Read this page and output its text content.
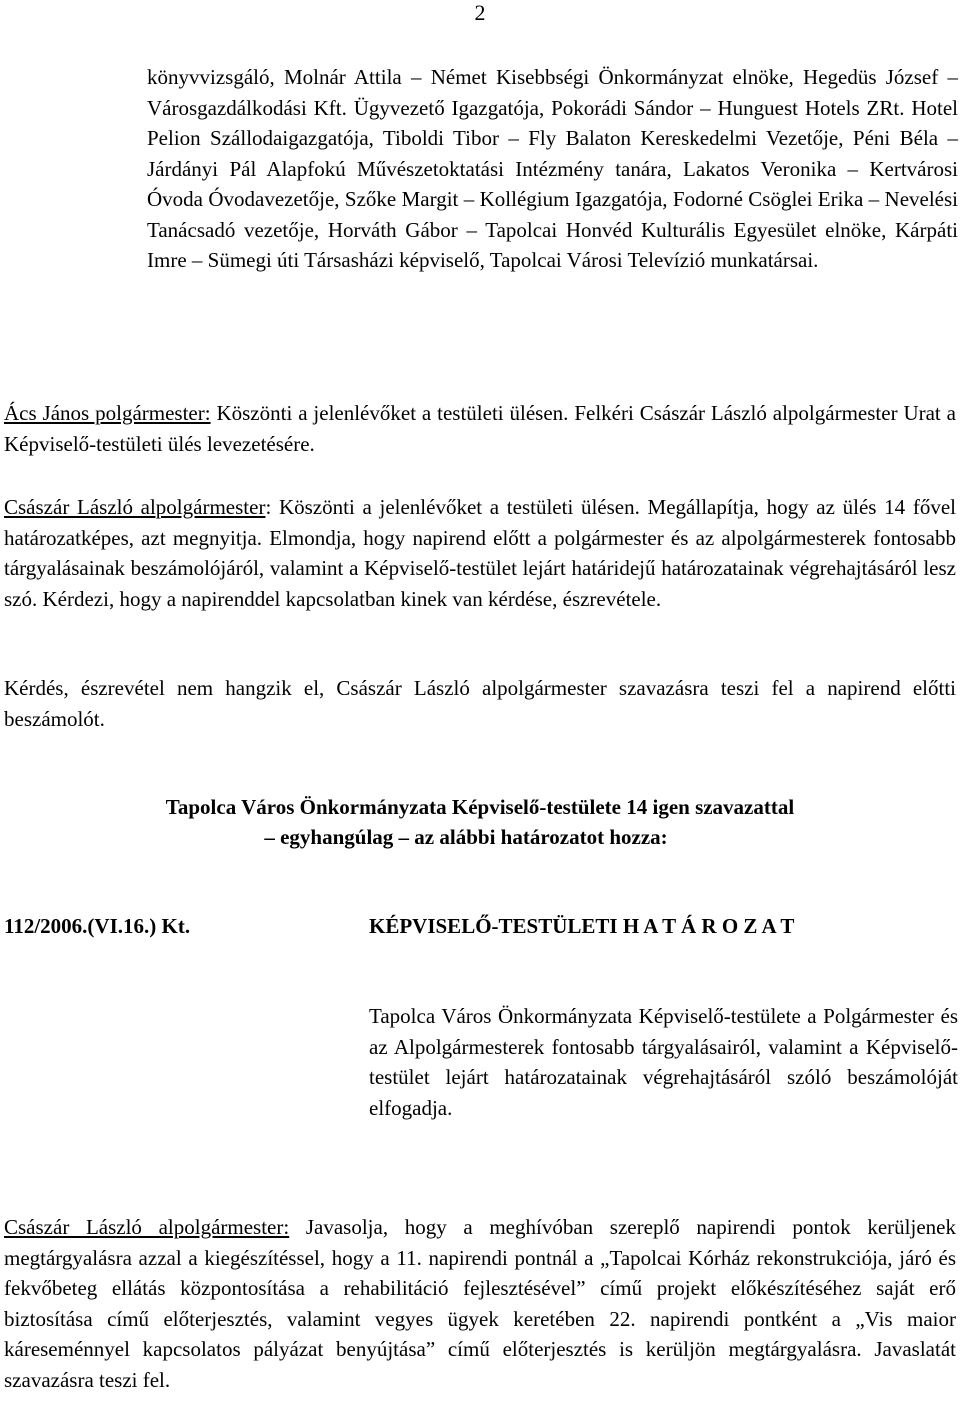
2

könyvvizsgáló, Molnár Attila – Német Kisebbségi Önkormányzat elnöke, Hegedüs József – Városgazdálkodási Kft. Ügyvezető Igazgatója, Pokorádi Sándor – Hunguest Hotels ZRt. Hotel Pelion Szállodaigazgatója, Tiboldi Tibor – Fly Balaton Kereskedelmi Vezetője, Péni Béla – Járdányi Pál Alapfokú Művészetoktatási Intézmény tanára, Lakatos Veronika – Kertvárosi Óvoda Óvodavezetője, Szőke Margit – Kollégium Igazgatója, Fodorné Csöglei Erika – Nevelési Tanácsadó vezetője, Horváth Gábor – Tapolcai Honvéd Kulturális Egyesület elnöke, Kárpáti Imre – Sümegi úti Társasházi képviselő, Tapolcai Városi Televízió munkatársai.

Ács János polgármester: Köszönti a jelenlévőket a testületi ülésen. Felkéri Császár László alpolgármester Urat a Képviselő-testületi ülés levezetésére.

Császár László alpolgármester: Köszönti a jelenlévőket a testületi ülésen. Megállapítja, hogy az ülés 14 fővel határozatképes, azt megnyitja. Elmondja, hogy napirend előtt a polgármester és az alpolgármesterek fontosabb tárgyalásainak beszámolójáról, valamint a Képviselő-testület lejárt határidejű határozatainak végrehajtásáról lesz szó. Kérdezi, hogy a napirenddel kapcsolatban kinek van kérdése, észrevétele.

Kérdés, észrevétel nem hangzik el, Császár László alpolgármester szavazásra teszi fel a napirend előtti beszámolót.

Tapolca Város Önkormányzata Képviselő-testülete 14 igen szavazattal

– egyhangúlag – az alábbi határozatot hozza:

112/2006.(VI.16.) Kt.	KÉPVISELŐ-TESTÜLETI H A T Á R O Z A T

Tapolca Város Önkormányzata Képviselő-testülete a Polgármester és az Alpolgármesterek fontosabb tárgyalásairól, valamint a Képviselő-testület lejárt határozatainak végrehajtásáról szóló beszámolóját elfogadja.

Császár László alpolgármester: Javasolja, hogy a meghívóban szereplő napirendi pontok kerüljenek megtárgyalásra azzal a kiegészítéssel, hogy a 11. napirendi pontnál a „Tapolcai Kórház rekonstrukciója, járó és fekvőbeteg ellátás központosítása a rehabilitáció fejlesztésével” című projekt előkészítéséhez saját erő biztosítása című előterjesztés, valamint vegyes ügyek keretében 22. napirendi pontként a „Vis maior káreseménnyel kapcsolatos pályázat benyújtása” című előterjesztés is kerüljön megtárgyalásra. Javaslatát szavazásra teszi fel.
